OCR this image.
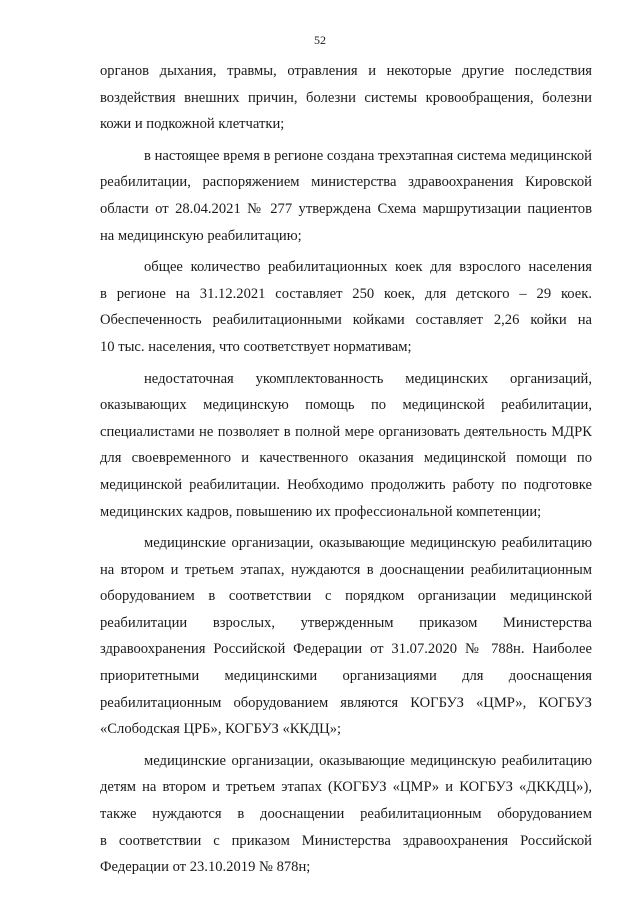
52

органов дыхания, травмы, отравления и некоторые другие последствия
воздействия внешних причин, болезни системы кровообращения, болезни
кожи и подкожной клетчатки;

в настоящее время в регионе создана трехэтапная система медицинской
реабилитации, распоряжением министерства здравоохранения Кировской
области от 28.04.2021 № 277 утверждена Схема маршрутизации пациентов
на медицинскую реабилитацию;

общее количество реабилитационных коек для взрослого населения
в регионе на 31.12.2021 составляет 250 коек, для детского – 29 коек.
Обеспеченность реабилитационными койками составляет 2,26 койки на
10 тыс. населения, что соответствует нормативам;

недостаточная укомплектованность медицинских организаций,
оказывающих медицинскую помощь по медицинской реабилитации,
специалистами не позволяет в полной мере организовать деятельность МДРК
для своевременного и качественного оказания медицинской помощи по
медицинской реабилитации. Необходимо продолжить работу по подготовке
медицинских кадров, повышению их профессиональной компетенции;

медицинские организации, оказывающие медицинскую реабилитацию
на втором и третьем этапах, нуждаются в дооснащении реабилитационным
оборудованием в соответствии с порядком организации медицинской
реабилитации взрослых, утвержденным приказом Министерства
здравоохранения Российской Федерации от 31.07.2020 № 788н. Наиболее
приоритетными медицинскими организациями для дооснащения
реабилитационным оборудованием являются КОГБУЗ «ЦМР», КОГБУЗ
«Слободская ЦРБ», КОГБУЗ «ККДЦ»;

медицинские организации, оказывающие медицинскую реабилитацию
детям на втором и третьем этапах (КОГБУЗ «ЦМР» и КОГБУЗ «ДККДЦ»),
также нуждаются в дооснащении реабилитационным оборудованием
в соответствии с приказом Министерства здравоохранения Российской
Федерации от 23.10.2019 № 878н;
